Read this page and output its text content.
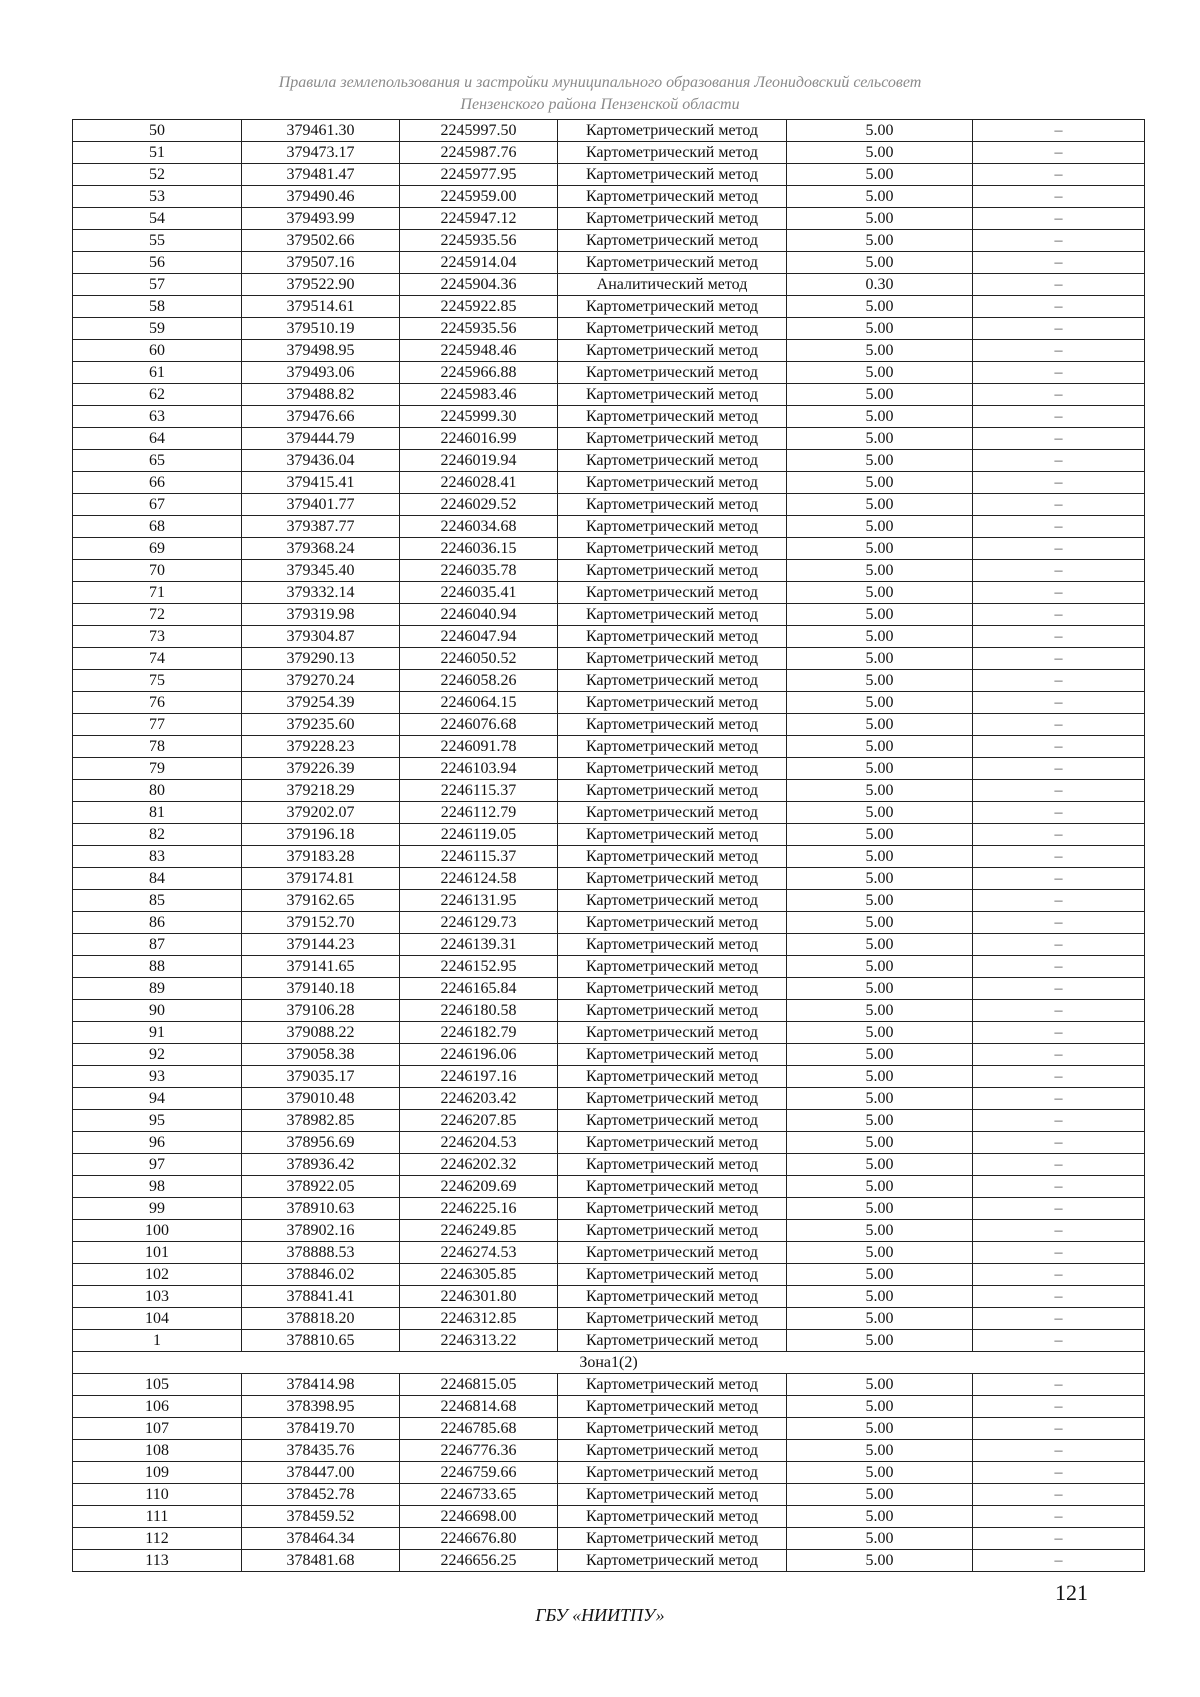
Правила землепользования и застройки муниципального образования Леонидовский сельсовет
Пензенского района Пензенской области
50	379461.30	2245997.50	Картометрический метод	5.00	–
51	379473.17	2245987.76	Картометрический метод	5.00	–
52	379481.47	2245977.95	Картометрический метод	5.00	–
53	379490.46	2245959.00	Картометрический метод	5.00	–
54	379493.99	2245947.12	Картометрический метод	5.00	–
55	379502.66	2245935.56	Картометрический метод	5.00	–
56	379507.16	2245914.04	Картометрический метод	5.00	–
57	379522.90	2245904.36	Аналитический метод	0.30	–
58	379514.61	2245922.85	Картометрический метод	5.00	–
59	379510.19	2245935.56	Картометрический метод	5.00	–
60	379498.95	2245948.46	Картометрический метод	5.00	–
61	379493.06	2245966.88	Картометрический метод	5.00	–
62	379488.82	2245983.46	Картометрический метод	5.00	–
63	379476.66	2245999.30	Картометрический метод	5.00	–
64	379444.79	2246016.99	Картометрический метод	5.00	–
65	379436.04	2246019.94	Картометрический метод	5.00	–
66	379415.41	2246028.41	Картометрический метод	5.00	–
67	379401.77	2246029.52	Картометрический метод	5.00	–
68	379387.77	2246034.68	Картометрический метод	5.00	–
69	379368.24	2246036.15	Картометрический метод	5.00	–
70	379345.40	2246035.78	Картометрический метод	5.00	–
71	379332.14	2246035.41	Картометрический метод	5.00	–
72	379319.98	2246040.94	Картометрический метод	5.00	–
73	379304.87	2246047.94	Картометрический метод	5.00	–
74	379290.13	2246050.52	Картометрический метод	5.00	–
75	379270.24	2246058.26	Картометрический метод	5.00	–
76	379254.39	2246064.15	Картометрический метод	5.00	–
77	379235.60	2246076.68	Картометрический метод	5.00	–
78	379228.23	2246091.78	Картометрический метод	5.00	–
79	379226.39	2246103.94	Картометрический метод	5.00	–
80	379218.29	2246115.37	Картометрический метод	5.00	–
81	379202.07	2246112.79	Картометрический метод	5.00	–
82	379196.18	2246119.05	Картометрический метод	5.00	–
83	379183.28	2246115.37	Картометрический метод	5.00	–
84	379174.81	2246124.58	Картометрический метод	5.00	–
85	379162.65	2246131.95	Картометрический метод	5.00	–
86	379152.70	2246129.73	Картометрический метод	5.00	–
87	379144.23	2246139.31	Картометрический метод	5.00	–
88	379141.65	2246152.95	Картометрический метод	5.00	–
89	379140.18	2246165.84	Картометрический метод	5.00	–
90	379106.28	2246180.58	Картометрический метод	5.00	–
91	379088.22	2246182.79	Картометрический метод	5.00	–
92	379058.38	2246196.06	Картометрический метод	5.00	–
93	379035.17	2246197.16	Картометрический метод	5.00	–
94	379010.48	2246203.42	Картометрический метод	5.00	–
95	378982.85	2246207.85	Картометрический метод	5.00	–
96	378956.69	2246204.53	Картометрический метод	5.00	–
97	378936.42	2246202.32	Картометрический метод	5.00	–
98	378922.05	2246209.69	Картометрический метод	5.00	–
99	378910.63	2246225.16	Картометрический метод	5.00	–
100	378902.16	2246249.85	Картометрический метод	5.00	–
101	378888.53	2246274.53	Картометрический метод	5.00	–
102	378846.02	2246305.85	Картометрический метод	5.00	–
103	378841.41	2246301.80	Картометрический метод	5.00	–
104	378818.20	2246312.85	Картометрический метод	5.00	–
1	378810.65	2246313.22	Картометрический метод	5.00	–
Зона1(2)					
105	378414.98	2246815.05	Картометрический метод	5.00	–
106	378398.95	2246814.68	Картометрический метод	5.00	–
107	378419.70	2246785.68	Картометрический метод	5.00	–
108	378435.76	2246776.36	Картометрический метод	5.00	–
109	378447.00	2246759.66	Картометрический метод	5.00	–
110	378452.78	2246733.65	Картометрический метод	5.00	–
111	378459.52	2246698.00	Картометрический метод	5.00	–
112	378464.34	2246676.80	Картометрический метод	5.00	–
113	378481.68	2246656.25	Картометрический метод	5.00	–
121
ГБУ «НИИТПУ»
